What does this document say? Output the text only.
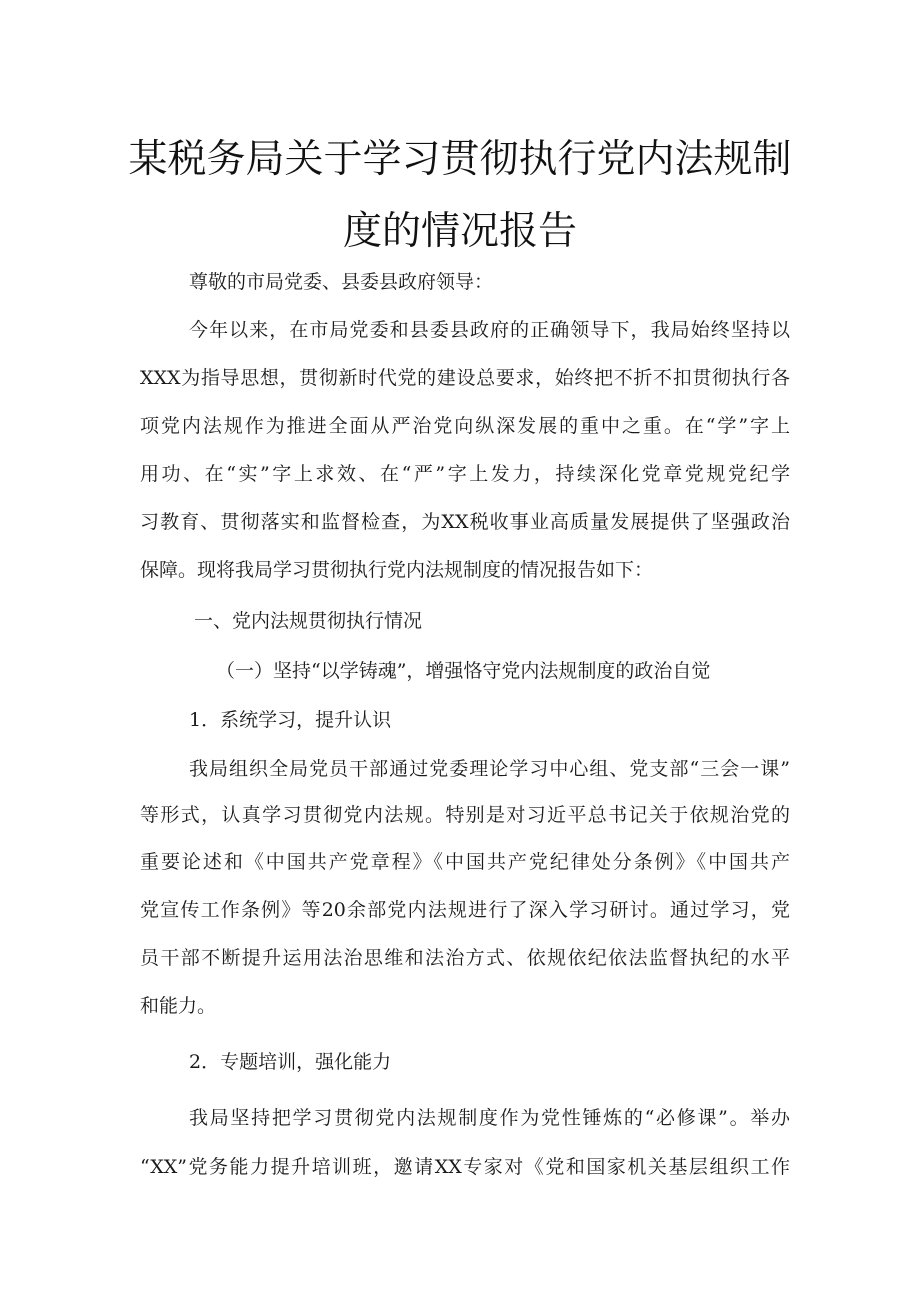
某税务局关于学习贯彻执行党内法规制
度的情况报告
尊敬的市局党委、县委县政府领导：
今年以来，在市局党委和县委县政府的正确领导下，我局始终坚持以
XXX为指导思想，贯彻新时代党的建设总要求，始终把不折不扣贯彻执行各
项党内法规作为推进全面从严治党向纵深发展的重中之重。在“学”字上
用功、在“实”字上求效、在“严”字上发力，持续深化党章党规党纪学
习教育、贯彻落实和监督检查，为XX税收事业高质量发展提供了坚强政治
保障。现将我局学习贯彻执行党内法规制度的情况报告如下：
一、党内法规贯彻执行情况
（一）坚持“以学铸魂”，增强恪守党内法规制度的政治自觉
1．系统学习，提升认识
我局组织全局党员干部通过党委理论学习中心组、党支部“三会一课”
等形式，认真学习贯彻党内法规。特别是对习近平总书记关于依规治党的
重要论述和《中国共产党章程》《中国共产党纪律处分条例》《中国共产
党宣传工作条例》等20余部党内法规进行了深入学习研讨。通过学习，党
员干部不断提升运用法治思维和法治方式、依规依纪依法监督执纪的水平
和能力。
2．专题培训，强化能力
我局坚持把学习贯彻党内法规制度作为党性锤炼的“必修课”。举办
“XX”党务能力提升培训班，邀请XX专家对《党和国家机关基层组织工作
